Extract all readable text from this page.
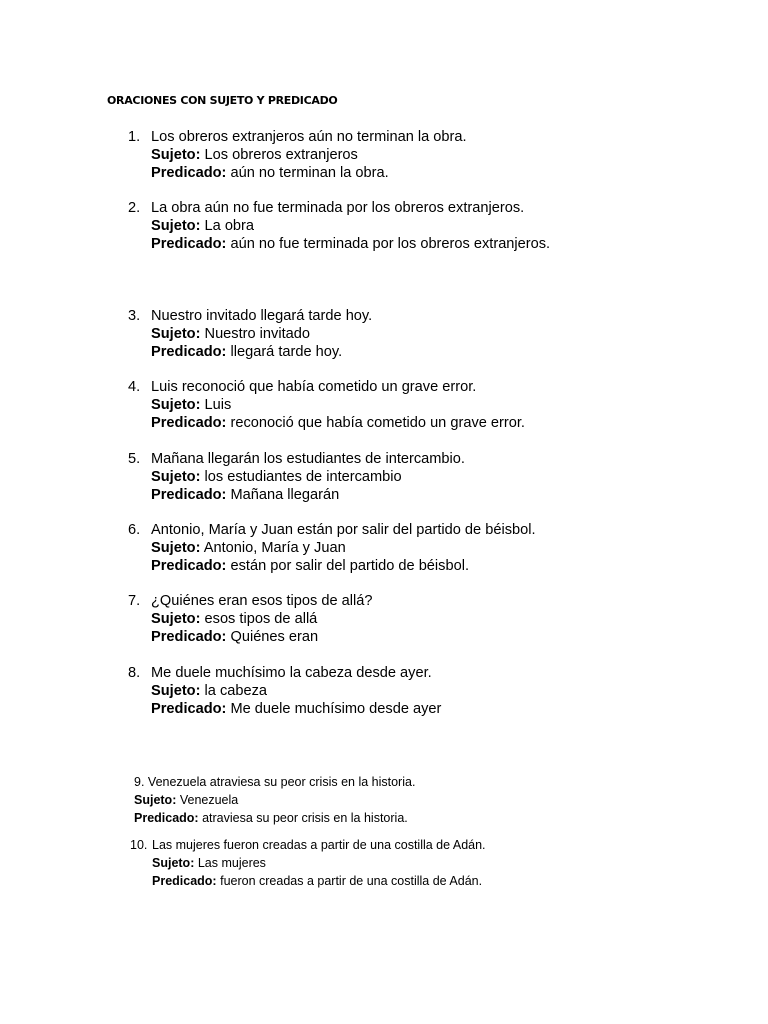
ORACIONES CON SUJETO Y PREDICADO
1. Los obreros extranjeros aún no terminan la obra.
Sujeto: Los obreros extranjeros
Predicado: aún no terminan la obra.
2. La obra aún no fue terminada por los obreros extranjeros.
Sujeto: La obra
Predicado: aún no fue terminada por los obreros extranjeros.
3. Nuestro invitado llegará tarde hoy.
Sujeto: Nuestro invitado
Predicado: llegará tarde hoy.
4. Luis reconoció que había cometido un grave error.
Sujeto: Luis
Predicado: reconoció que había cometido un grave error.
5. Mañana llegarán los estudiantes de intercambio.
Sujeto: los estudiantes de intercambio
Predicado: Mañana llegarán
6. Antonio, María y Juan están por salir del partido de béisbol.
Sujeto: Antonio, María y Juan
Predicado: están por salir del partido de béisbol.
7. ¿Quiénes eran esos tipos de allá?
Sujeto: esos tipos de allá
Predicado: Quiénes eran
8. Me duele muchísimo la cabeza desde ayer.
Sujeto: la cabeza
Predicado: Me duele muchísimo desde ayer
9. Venezuela atraviesa su peor crisis en la historia.
Sujeto: Venezuela
Predicado: atraviesa su peor crisis en la historia.
10. Las mujeres fueron creadas a partir de una costilla de Adán.
Sujeto: Las mujeres
Predicado: fueron creadas a partir de una costilla de Adán.
